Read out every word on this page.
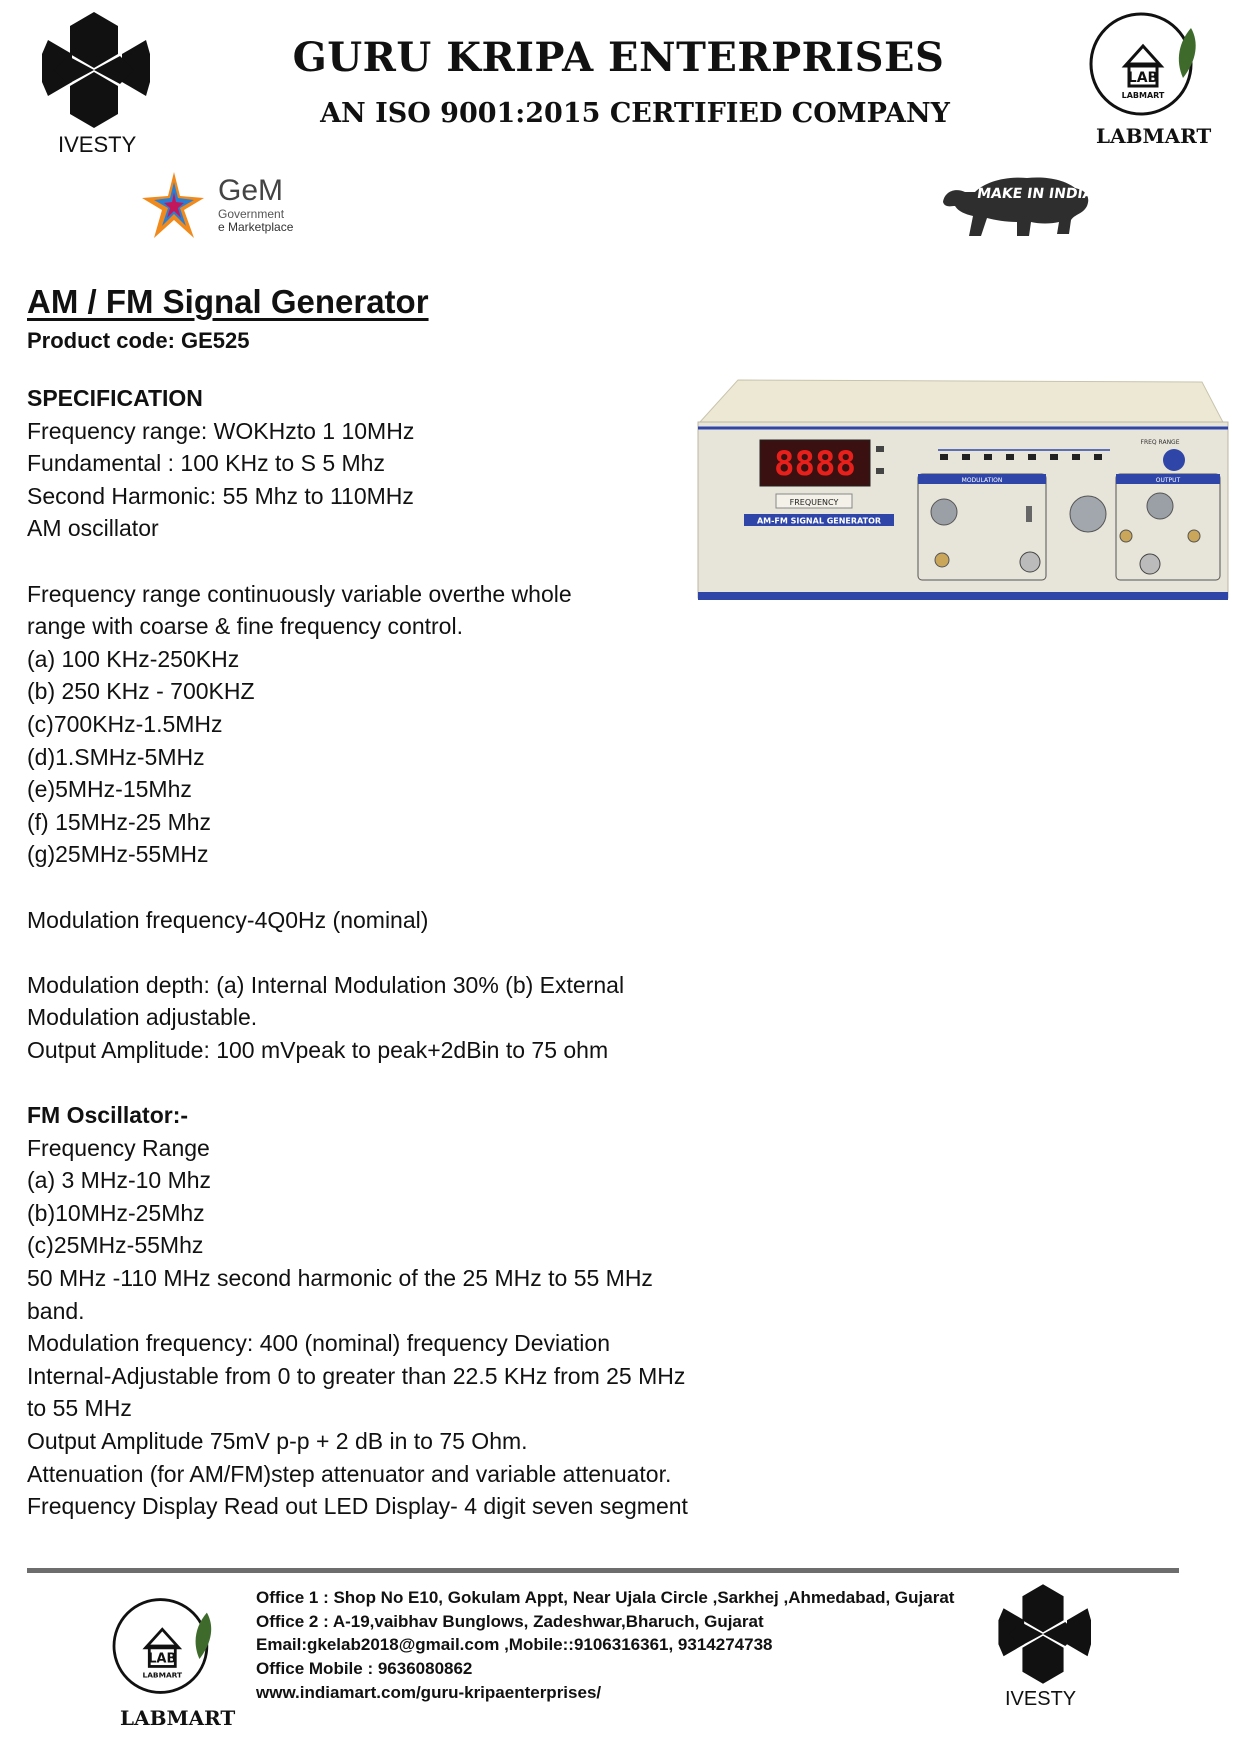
GURU KRIPA ENTERPRISES
AN ISO 9001:2015 CERTIFIED COMPANY
IVESTY
LAB
LABMART
LABMART
GeM
Government
e Marketplace
MAKE IN INDIA
AM / FM Signal Generator
Product code: GE525
8888
FREQUENCY
AM-FM SIGNAL GENERATOR
FREQ RANGE
MODULATION	OUTPUT
SPECIFICATION
Frequency range: WOKHzto 1 10MHz
Fundamental : 100 KHz to S 5 Mhz
Second Harmonic: 55 Mhz to 110MHz
AM oscillator
Frequency range continuously variable overthe whole
range with coarse & fine frequency control.
(a) 100 KHz-250KHz
(b) 250 KHz - 700KHZ
(c)700KHz-1.5MHz
(d)1.SMHz-5MHz
(e)5MHz-15Mhz
(f) 15MHz-25 Mhz
(g)25MHz-55MHz
Modulation frequency-4Q0Hz (nominal)
Modulation depth: (a) Internal Modulation 30% (b) External
Modulation adjustable.
Output Amplitude: 100 mVpeak to peak+2dBin to 75 ohm
FM Oscillator:-
Frequency Range
(a) 3 MHz-10 Mhz
(b)10MHz-25Mhz
(c)25MHz-55Mhz
50 MHz -110 MHz second harmonic of the 25 MHz to 55 MHz
band.
Modulation frequency: 400 (nominal) frequency Deviation
Internal-Adjustable from 0 to greater than 22.5 KHz from 25 MHz
to 55 MHz
Output Amplitude 75mV p-p + 2 dB in to 75 Ohm.
Attenuation (for AM/FM)step attenuator and variable attenuator.
Frequency Display Read out LED Display- 4 digit seven segment
LAB
LABMART
LABMART
Office 1 : Shop No E10, Gokulam Appt, Near Ujala Circle ,Sarkhej ,Ahmedabad, Gujarat
Office 2 : A-19,vaibhav Bunglows, Zadeshwar,Bharuch, Gujarat
Email:gkelab2018@gmail.com ,Mobile::9106316361, 9314274738
Office Mobile : 9636080862
www.indiamart.com/guru-kripaenterprises/	IVESTY
